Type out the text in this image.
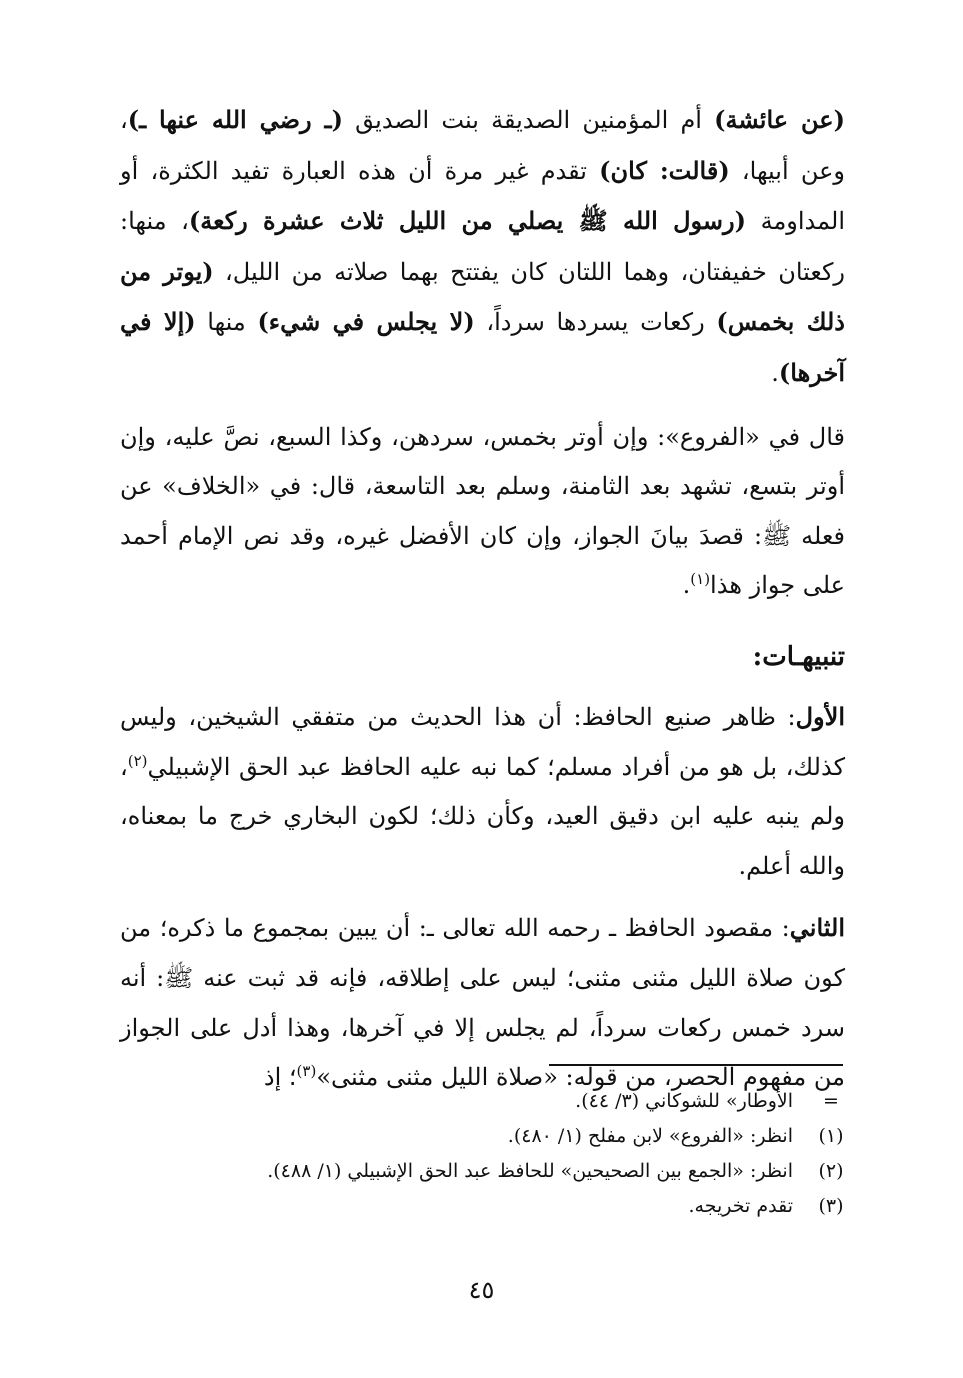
(عن عائشة) أم المؤمنين الصديقة بنت الصديق (ـ رضي الله عنها ـ)، وعن أبيها، (قالت: كان) تقدم غير مرة أن هذه العبارة تفيد الكثرة، أو المداومة (رسول الله ﷺ يصلي من الليل ثلاث عشرة ركعة)، منها: ركعتان خفيفتان، وهما اللتان كان يفتتح بهما صلاته من الليل، (يوتر من ذلك بخمس) ركعات يسردها سرداً، (لا يجلس في شيء) منها (إلا في آخرها).

قال في «الفروع»: وإن أوتر بخمس، سردهن، وكذا السبع، نصَّ عليه، وإن أوتر بتسع، تشهد بعد الثامنة، وسلم بعد التاسعة، قال: في «الخلاف» عن فعله ﷺ: قصدَ بيانَ الجواز، وإن كان الأفضل غيره، وقد نص الإمام أحمد على جواز هذا$^{(١)}$.

تنبيهـات:

الأول: ظاهر صنيع الحافظ: أن هذا الحديث من متفقي الشيخين، وليس كذلك، بل هو من أفراد مسلم؛ كما نبه عليه الحافظ عبد الحق الإشبيلي$^{(٢)}$، ولم ينبه عليه ابن دقيق العيد، وكأن ذلك؛ لكون البخاري خرج ما بمعناه، والله أعلم.

الثاني: مقصود الحافظ ـ رحمه الله تعالى ـ: أن يبين بمجموع ما ذكره؛ من كون صلاة الليل مثنى مثنى؛ ليس على إطلاقه، فإنه قد ثبت عنه ﷺ: أنه سرد خمس ركعات سرداً، لم يجلس إلا في آخرها، وهذا أدل على الجواز من مفهوم الحصر، من قوله: «صلاة الليل مثنى مثنى»$^{(٣)}$؛ إذ

=
الأوطار» للشوكاني (٣/ ٤٤).
(١)
انظر: «الفروع» لابن مفلح (١/ ٤٨٠).
(٢)
انظر: «الجمع بين الصحيحين» للحافظ عبد الحق الإشبيلي (١/ ٤٨٨).
(٣)
تقدم تخريجه.
٤٥
